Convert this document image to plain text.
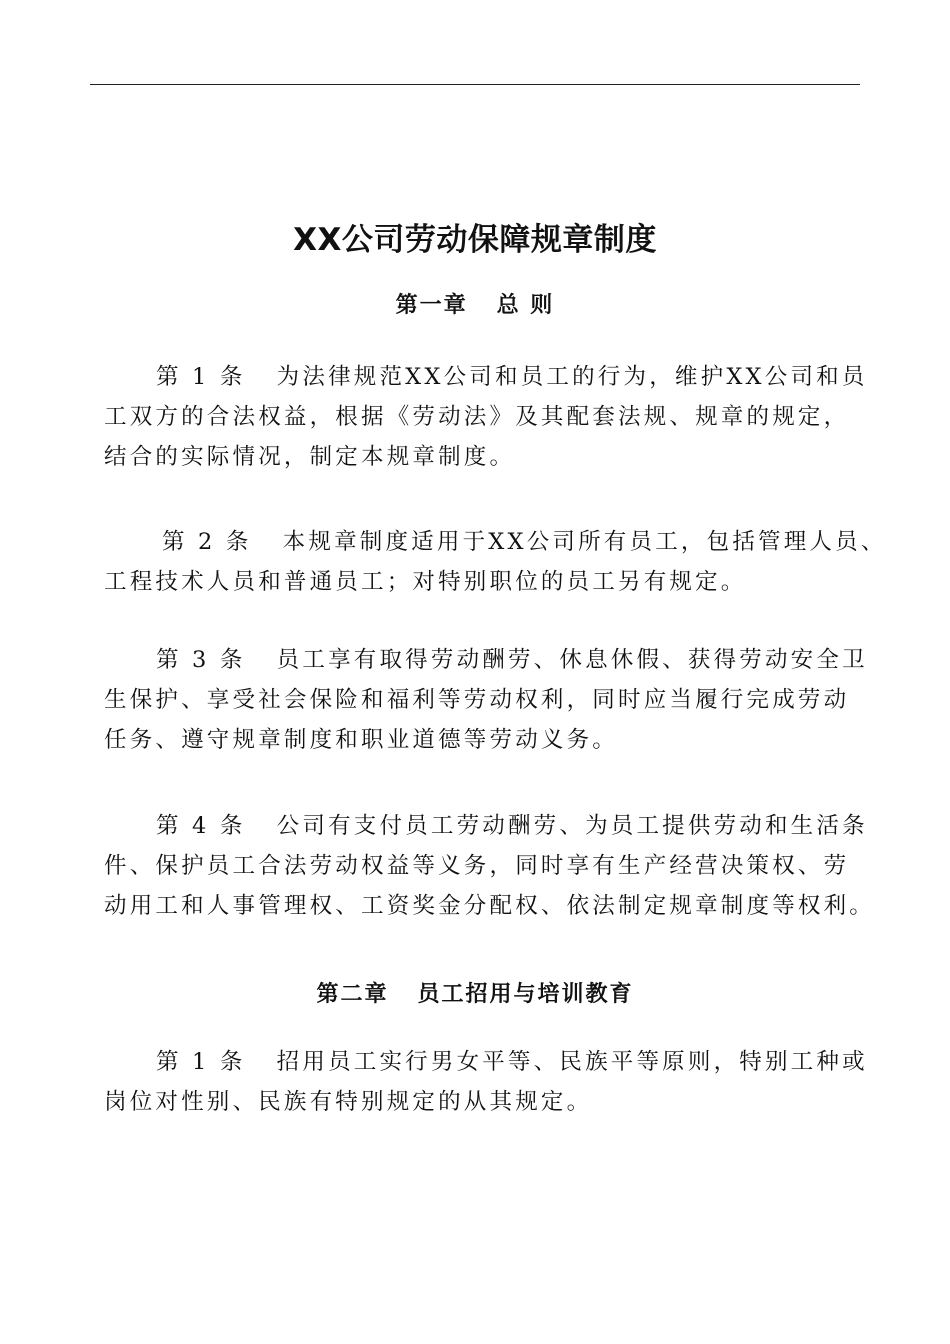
XX公司劳动保障规章制度
第一章   总 则
第 1 条   为法律规范XX公司和员工的行为，维护XX公司和员
工双方的合法权益，根据《劳动法》及其配套法规、规章的规定，
结合的实际情况，制定本规章制度。
第 2 条   本规章制度适用于XX公司所有员工，包括管理人员、
工程技术人员和普通员工；对特别职位的员工另有规定。
第 3 条   员工享有取得劳动酬劳、休息休假、获得劳动安全卫
生保护、享受社会保险和福利等劳动权利，同时应当履行完成劳动
任务、遵守规章制度和职业道德等劳动义务。
第 4 条   公司有支付员工劳动酬劳、为员工提供劳动和生活条
件、保护员工合法劳动权益等义务，同时享有生产经营决策权、劳
动用工和人事管理权、工资奖金分配权、依法制定规章制度等权利。
第二章   员工招用与培训教育
第 1 条   招用员工实行男女平等、民族平等原则，特别工种或
岗位对性别、民族有特别规定的从其规定。
